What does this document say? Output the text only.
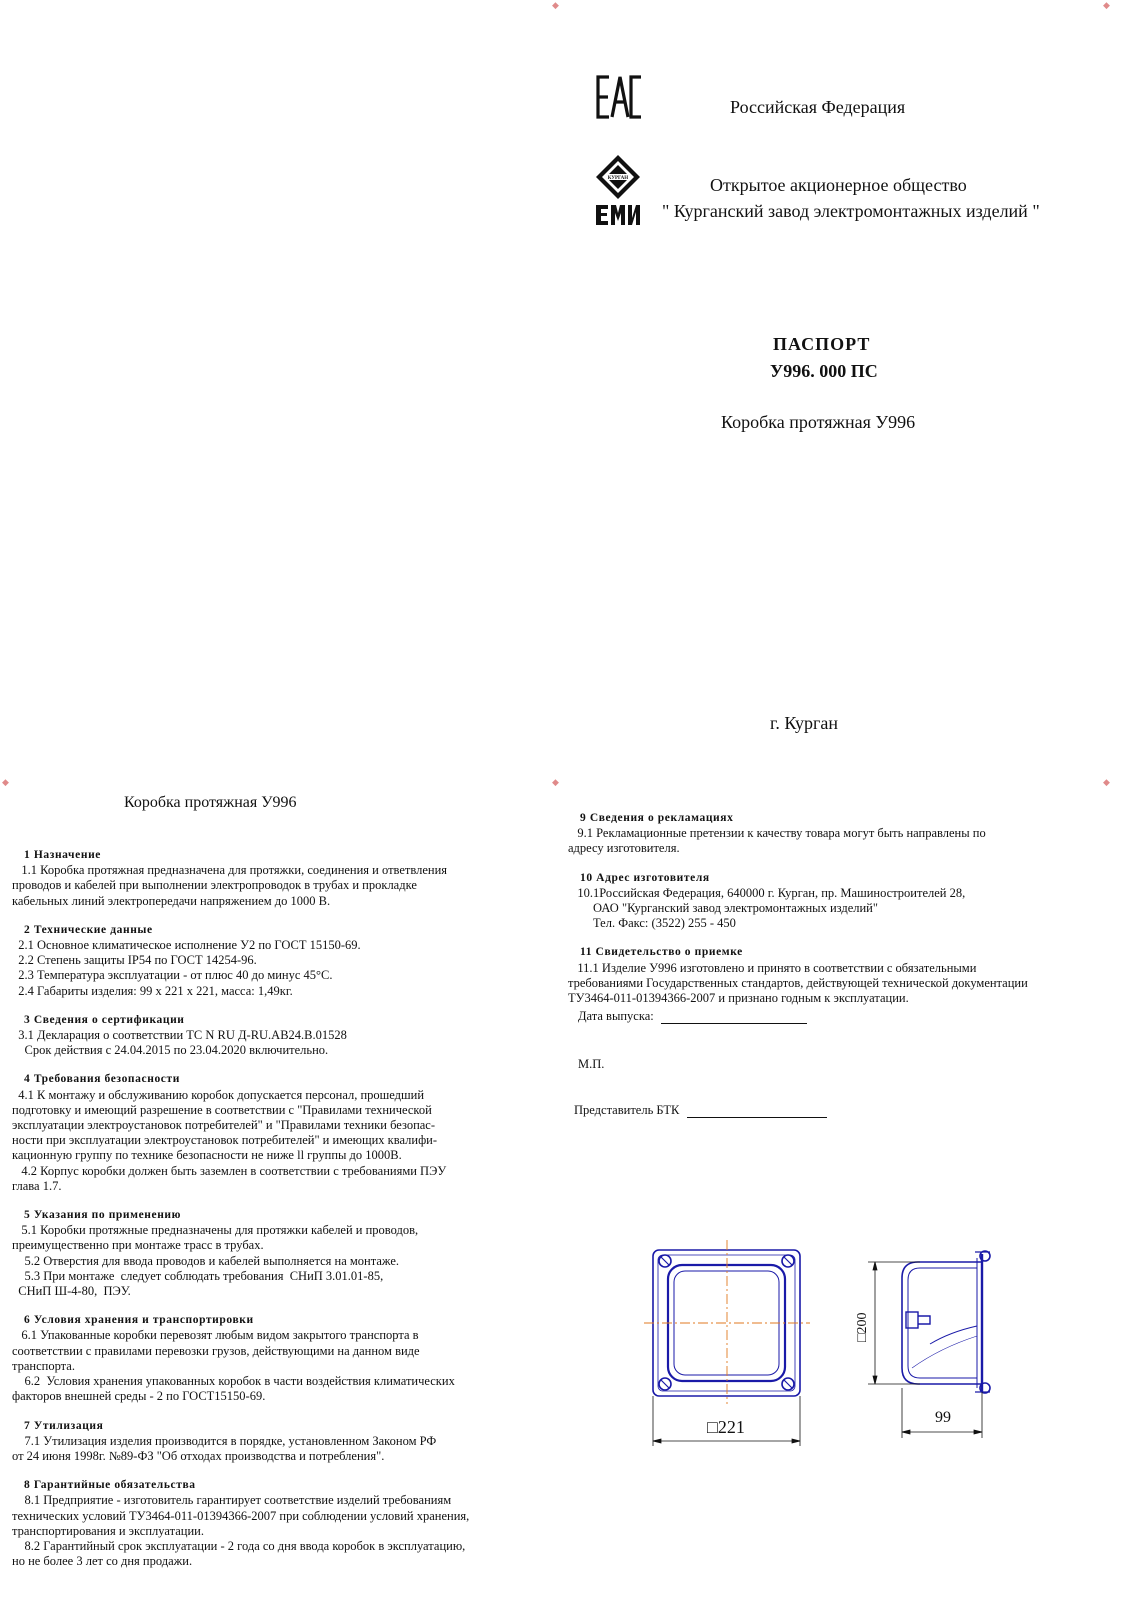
◆	◆
◆	◆	◆
Российская Федерация
КУРГАН	Открытое акционерное общество
" Курганский завод электромонтажных изделий "
ПАСПОРТ
У996. 000 ПС
Коробка протяжная У996
г. Курган
Коробка протяжная У996
1 Назначение
1.1 Коробка протяжная предназначена для протяжки, соединения и ответвления
проводов и кабелей при выполнении электропроводок в трубах и прокладке
кабельных линий электропередачи напряжением до 1000 В.
2 Технические данные
2.1 Основное климатическое исполнение У2 по ГОСТ 15150-69.
2.2 Степень защиты IP54 по ГОСТ 14254-96.
2.3 Температура эксплуатации - от плюс 40 до минус 45°С.
2.4 Габариты изделия: 99 х 221 х 221, масса: 1,49кг.
3 Сведения о сертификации
3.1 Декларация о соответствии ТС N RU Д-RU.АВ24.В.01528
Срок действия с 24.04.2015 по 23.04.2020 включительно.
4 Требования безопасности
4.1 К монтажу и обслуживанию коробок допускается персонал, прошедший
подготовку и имеющий разрешение в соответствии с "Правилами технической
эксплуатации электроустановок потребителей" и "Правилами техники безопас-
ности при эксплуатации электроустановок потребителей" и имеющих квалифи-
кационную группу по технике безопасности не ниже ll группы до 1000В.
4.2 Корпус коробки должен быть заземлен в соответствии с требованиями ПЭУ
глава 1.7.
5 Указания по применению
5.1 Коробки протяжные предназначены для протяжки кабелей и проводов,
преимущественно при монтаже трасс в трубах.
5.2 Отверстия для ввода проводов и кабелей выполняется на монтаже.
5.3 При монтаже  следует соблюдать требования  СНиП 3.01.01-85,
СНиП Ш-4-80,  ПЭУ.
6 Условия хранения и транспортировки
6.1 Упакованные коробки перевозят любым видом закрытого транспорта в
соответствии с правилами перевозки грузов, действующими на данном виде
транспорта.
6.2  Условия хранения упакованных коробок в части воздействия климатических
факторов внешней среды - 2 по ГОСТ15150-69.
7 Утилизация
7.1 Утилизация изделия производится в порядке, установленном Законом РФ
от 24 июня 1998г. №89-ФЗ "Об отходах производства и потребления".
8 Гарантийные обязательства
8.1 Предприятие - изготовитель гарантирует соответствие изделий требованиям
технических условий ТУ3464-011-01394366-2007 при соблюдении условий хранения,
транспортирования и эксплуатации.
8.2 Гарантийный срок эксплуатации - 2 года со дня ввода коробок в эксплуатацию,
но не более 3 лет со дня продажи.
9 Сведения о рекламациях
9.1 Рекламационные претензии к качеству товара могут быть направлены по
адресу изготовителя.
10 Адрес изготовителя
10.1Российская Федерация, 640000 г. Курган, пр. Машиностроителей 28,
ОАО "Курганский завод электромонтажных изделий"
Тел. Факс: (3522) 255 - 450
11 Свидетельство о приемке
11.1 Изделие У996 изготовлено и принято в соответствии с обязательными
требованиями Государственных стандартов, действующей технической документации
ТУ3464-011-01394366-2007 и признано годным к эксплуатации.
Дата выпуска:
М.П.
Представитель БТК
□221
□200
99
